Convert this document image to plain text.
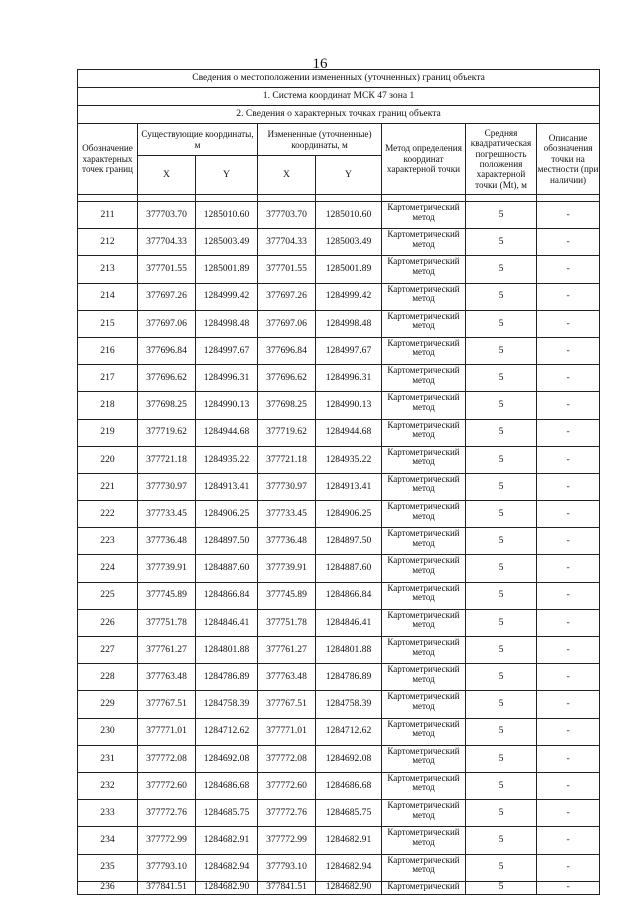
16
Сведения о местоположении измененных (уточненных) границ объекта							
1. Система координат МСК 47 зона 1							
2. Сведения о характерных точках границ объекта							
Обозначение характерных точек границ	Существующие координаты, м		Измененные (уточненные) координаты, м		Метод определения координат характерной точки	Средняя квадратическая погрешность положения характерной точки (Mt), м	Описание обозначения точки на местности (при наличии)
	X	Y	X	Y			

211	377703.70	1285010.60	377703.70	1285010.60	Картометрический метод	5	-
212	377704.33	1285003.49	377704.33	1285003.49	Картометрический метод	5	-
213	377701.55	1285001.89	377701.55	1285001.89	Картометрический метод	5	-
214	377697.26	1284999.42	377697.26	1284999.42	Картометрический метод	5	-
215	377697.06	1284998.48	377697.06	1284998.48	Картометрический метод	5	-
216	377696.84	1284997.67	377696.84	1284997.67	Картометрический метод	5	-
217	377696.62	1284996.31	377696.62	1284996.31	Картометрический метод	5	-
218	377698.25	1284990.13	377698.25	1284990.13	Картометрический метод	5	-
219	377719.62	1284944.68	377719.62	1284944.68	Картометрический метод	5	-
220	377721.18	1284935.22	377721.18	1284935.22	Картометрический метод	5	-
221	377730.97	1284913.41	377730.97	1284913.41	Картометрический метод	5	-
222	377733.45	1284906.25	377733.45	1284906.25	Картометрический метод	5	-
223	377736.48	1284897.50	377736.48	1284897.50	Картометрический метод	5	-
224	377739.91	1284887.60	377739.91	1284887.60	Картометрический метод	5	-
225	377745.89	1284866.84	377745.89	1284866.84	Картометрический метод	5	-
226	377751.78	1284846.41	377751.78	1284846.41	Картометрический метод	5	-
227	377761.27	1284801.88	377761.27	1284801.88	Картометрический метод	5	-
228	377763.48	1284786.89	377763.48	1284786.89	Картометрический метод	5	-
229	377767.51	1284758.39	377767.51	1284758.39	Картометрический метод	5	-
230	377771.01	1284712.62	377771.01	1284712.62	Картометрический метод	5	-
231	377772.08	1284692.08	377772.08	1284692.08	Картометрический метод	5	-
232	377772.60	1284686.68	377772.60	1284686.68	Картометрический метод	5	-
233	377772.76	1284685.75	377772.76	1284685.75	Картометрический метод	5	-
234	377772.99	1284682.91	377772.99	1284682.91	Картометрический метод	5	-
235	377793.10	1284682.94	377793.10	1284682.94	Картометрический метод	5	-
236	377841.51	1284682.90	377841.51	1284682.90	Картометрический	5	-
